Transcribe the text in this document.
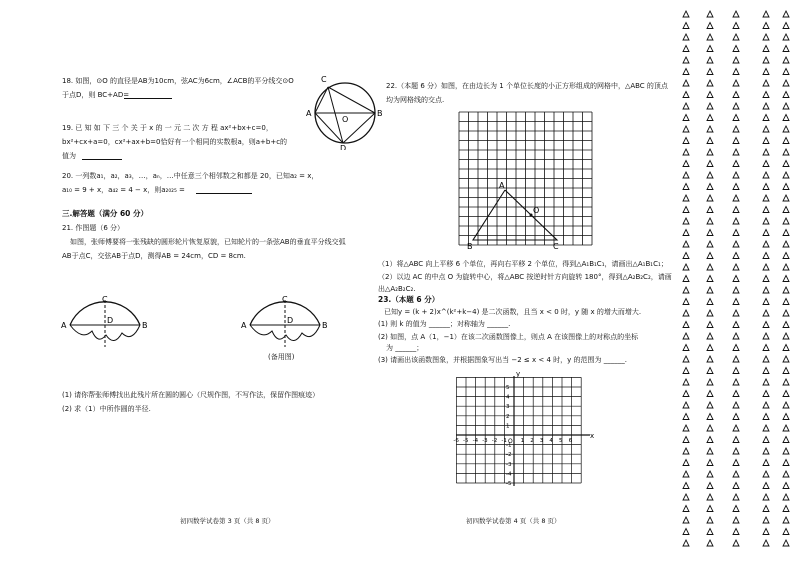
18. 如图，⊙O 的直径是AB为10cm，弦AC为6cm，∠ACB的平分线交⊙O
于点D，则 BC+AD=
C
A	B
O
D
19. 已 知 如 下 三 个 关 于 x 的 一 元 二 次 方 程 ax²+bx+c=0，
bx²+cx+a=0，cx²+ax+b=0恰好有一个相同的实数根a，则a+b+c的
值为
20. 一列数a₁，a₂，a₃，…，aₙ，…中任意三个相邻数之和都是 20，已知a₂ = x，
a₁₀ = 9 + x，a₄₂ = 4 − x，则a₂₀₂₅ =
三.解答题（满分 60 分）
21. 作图题（6 分）
如图，张师傅要将一张残缺的圆形轮片恢复原貌，已知轮片的一条弦AB的垂直平分线交弧
AB于点C，交弦AB于点D，测得AB = 24cm，CD = 8cm.
C
A	B
D
C
A	B
D
(备用图)
(1) 请你帮张师傅找出此残片所在圆的圆心（尺规作图，不写作法，保留作图痕迹）
(2) 求（1）中所作圆的半径.
初四数学试卷第 3 页（共 8 页）
22.（本题 6 分）如图，在由边长为 1 个单位长度的小正方形组成的网格中，△ABC 的顶点
均为网格线的交点.
A
B	C
O
（1）将△ABC 向上平移 6 个单位，再向右平移 2 个单位，得到△A₁B₁C₁，请画出△A₁B₁C₁；
（2）以边 AC 的中点 O 为旋转中心，将△ABC 按逆时针方向旋转 180°，得到△A₂B₂C₂，请画
出△A₂B₂C₂.
23.（本题 6 分）
已知y = (k + 2)x^(k²+k−4) 是二次函数，且当 x < 0 时，y 随 x 的增大而增大.
(1) 则 k 的值为 ______；对称轴为 ______.
(2) 如图，点 A（1，−1）在该二次函数图像上，则点 A 在该图像上的对称点的坐标
为 ______；
(3) 请画出该函数图象，并根据图象写出当 −2 ≤ x < 4 时，y 的范围为 ______.
-6 -5 -4 -3 -2 -1 1 2 3 4 5 6
5
4
3
2
1
-1
-2
-3
-4
-5
x
y
O
初四数学试卷第 4 页（共 8 页）
